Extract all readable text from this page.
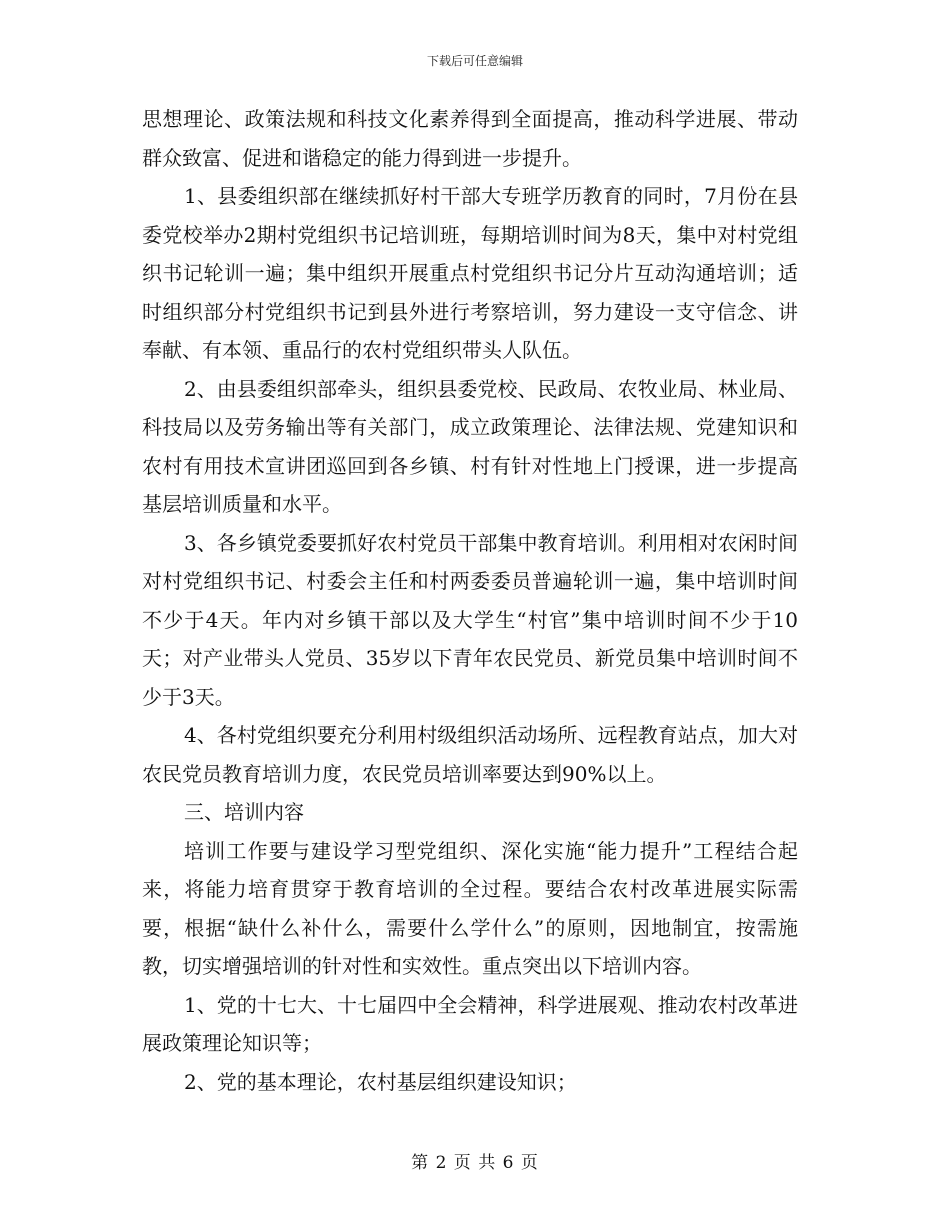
下载后可任意编辑

思想理论、政策法规和科技文化素养得到全面提高，推动科学进展、带动群众致富、促进和谐稳定的能力得到进一步提升。

1、县委组织部在继续抓好村干部大专班学历教育的同时，7月份在县委党校举办2期村党组织书记培训班，每期培训时间为8天，集中对村党组织书记轮训一遍；集中组织开展重点村党组织书记分片互动沟通培训；适时组织部分村党组织书记到县外进行考察培训，努力建设一支守信念、讲奉献、有本领、重品行的农村党组织带头人队伍。

2、由县委组织部牵头，组织县委党校、民政局、农牧业局、林业局、科技局以及劳务输出等有关部门，成立政策理论、法律法规、党建知识和农村有用技术宣讲团巡回到各乡镇、村有针对性地上门授课，进一步提高基层培训质量和水平。

3、各乡镇党委要抓好农村党员干部集中教育培训。利用相对农闲时间对村党组织书记、村委会主任和村两委委员普遍轮训一遍，集中培训时间不少于4天。年内对乡镇干部以及大学生“村官”集中培训时间不少于10天；对产业带头人党员、35岁以下青年农民党员、新党员集中培训时间不少于3天。

4、各村党组织要充分利用村级组织活动场所、远程教育站点，加大对农民党员教育培训力度，农民党员培训率要达到90%以上。

三、培训内容

培训工作要与建设学习型党组织、深化实施“能力提升”工程结合起来，将能力培育贯穿于教育培训的全过程。要结合农村改革进展实际需要，根据“缺什么补什么，需要什么学什么”的原则，因地制宜，按需施教，切实增强培训的针对性和实效性。重点突出以下培训内容。

1、党的十七大、十七届四中全会精神，科学进展观、推动农村改革进展政策理论知识等；

2、党的基本理论，农村基层组织建设知识；

第 2 页 共 6 页
